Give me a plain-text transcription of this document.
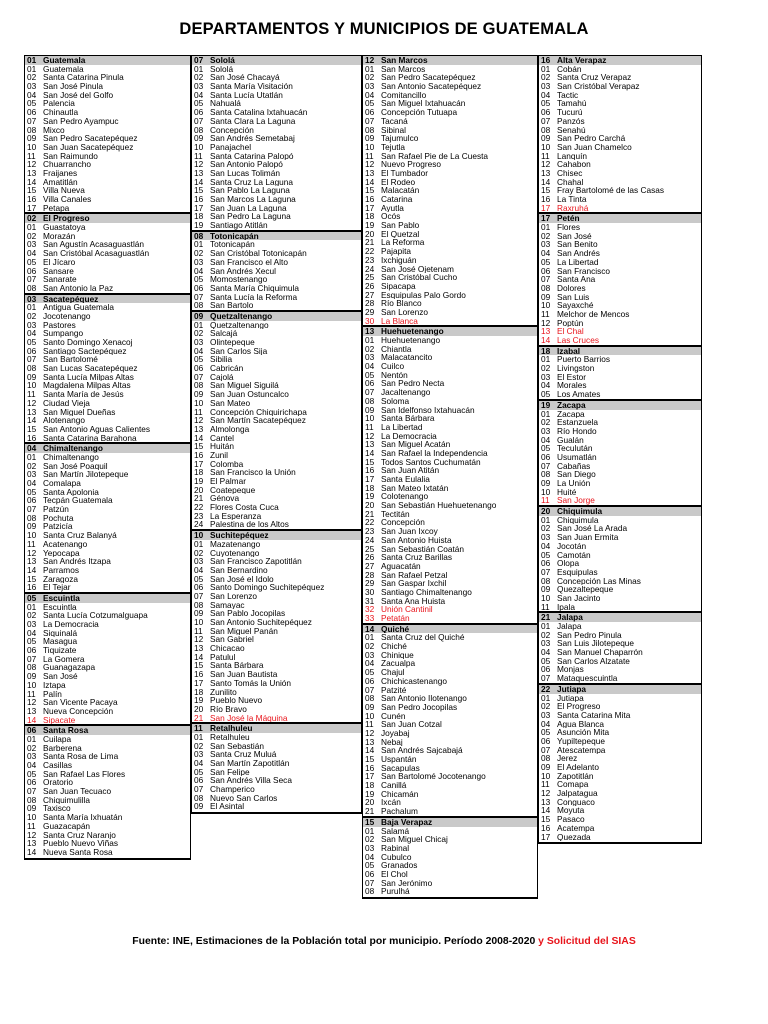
DEPARTAMENTOS Y MUNICIPIOS DE GUATEMALA
01 Guatemala
01 Guatemala
02 Santa Catarina Pinula
03 San José Pinula
04 San José del Golfo
05 Palencia
06 Chinautla
07 San Pedro Ayampuc
08 Mixco
09 San Pedro Sacatepéquez
10 San Juan Sacatepéquez
11 San Raimundo
12 Chuarrancho
13 Fraijanes
14 Amatitlán
15 Villa Nueva
16 Villa Canales
17 Petapa
02 El Progreso
01 Guastatoya
02 Morazán
03 San Agustín Acasaguastlán
04 San Cristóbal Acasaguastlán
05 El Jícaro
06 Sansare
07 Sanarate
08 San Antonio la Paz
03 Sacatepéquez
01 Antigua Guatemala
02 Jocotenango
03 Pastores
04 Sumpango
05 Santo Domingo Xenacoj
06 Santiago Sactepéquez
07 San Bartolomé
08 San Lucas Sacatepéquez
09 Santa Lucía Milpas Altas
10 Magdalena Milpas Altas
11 Santa María de Jesús
12 Ciudad Vieja
13 San Miguel Dueñas
14 Alotenango
15 San Antonio Aguas Calientes
16 Santa Catarina Barahona
04 Chimaltenango
01 Chimaltenango
02 San José Poaquil
03 San Martín Jilotepeque
04 Comalapa
05 Santa Apolonia
06 Tecpán Guatemala
07 Patzún
08 Pochuta
09 Patzicía
10 Santa Cruz Balanyá
11 Acatenango
12 Yepocapa
13 San Andrés Itzapa
14 Parramos
15 Zaragoza
16 El Tejar
05 Escuintla
01 Escuintla
02 Santa Lucía Cotzumalguapa
03 La Democracia
04 Siquinalá
05 Masagua
06 Tiquizate
07 La Gomera
08 Guanagazapa
09 San José
10 Iztapa
11 Palín
12 San Vicente Pacaya
13 Nueva Concepción
14 Sipacate
06 Santa Rosa
01 Cuilapa
02 Barberena
03 Santa Rosa de Lima
04 Casillas
05 San Rafael Las Flores
06 Oratorio
07 San Juan Tecuaco
08 Chiquimulilla
09 Taxisco
10 Santa María Ixhuatán
11 Guazacapán
12 Santa Cruz Naranjo
13 Pueblo Nuevo Viñas
14 Nueva Santa Rosa
07 Sololá
01 Sololá
02 San José Chacayá
03 Santa María Visitación
04 Santa Lucía Utatlán
05 Nahualá
06 Santa Catalina Ixtahuacán
07 Santa Clara La Laguna
08 Concepción
09 San Andrés Semetabaj
10 Panajachel
11 Santa Catarina Palopó
12 San Antonio Palopó
13 San Lucas Tolimán
14 Santa Cruz La Laguna
15 San Pablo La Laguna
16 San Marcos La Laguna
17 San Juan La Laguna
18 San Pedro La Laguna
19 Santiago Atitlán
08 Totonicapán
01 Totonicapán
02 San Cristóbal Totonicapán
03 San Francisco el Alto
04 San Andrés Xecul
05 Momostenango
06 Santa María Chiquimula
07 Santa Lucía la Reforma
08 San Bartolo
09 Quetzaltenango
01 Quetzaltenango
02 Salcajá
03 Olintepeque
04 San Carlos Sija
05 Sibilia
06 Cabricán
07 Cajolá
08 San Miguel Siguilá
09 San Juan Ostuncalco
10 San Mateo
11 Concepción Chiquirichapa
12 San Martín Sacatepéquez
13 Almolonga
14 Cantel
15 Huitán
16 Zunil
17 Colomba
18 San Francisco la Unión
19 El Palmar
20 Coatepeque
21 Génova
22 Flores Costa Cuca
23 La Esperanza
24 Palestina de los Altos
10 Suchitepéquez
01 Mazatenango
02 Cuyotenango
03 San Francisco Zapotitlán
04 San Bernardino
05 San José el Idolo
06 Santo Domingo Suchitepéquez
07 San Lorenzo
08 Samayac
09 San Pablo Jocopilas
10 San Antonio Suchitepéquez
11 San Miguel Panán
12 San Gabriel
13 Chicacao
14 Patulul
15 Santa Bárbara
16 San Juan Bautista
17 Santo Tomás la Unión
18 Zunilito
19 Pueblo Nuevo
20 Río Bravo
21 San José la Máquina
11 Retalhuleu
01 Retalhuleu
02 San Sebastián
03 Santa Cruz Muluá
04 San Martín Zapotitlán
05 San Felipe
06 San Andrés Villa Seca
07 Champerico
08 Nuevo San Carlos
09 El Asintal
12 San Marcos
01 San Marcos
02 San Pedro Sacatepéquez
03 San Antonio Sacatepéquez
04 Comitancillo
05 San Miguel Ixtahuacán
06 Concepción Tutuapa
07 Tacaná
08 Sibinal
09 Tajumulco
10 Tejutla
11 San Rafael Pie de La Cuesta
12 Nuevo Progreso
13 El Tumbador
14 El Rodeo
15 Malacatán
16 Catarina
17 Ayutla
18 Ocós
19 San Pablo
20 El Quetzal
21 La Reforma
22 Pajapita
23 Ixchiguán
24 San José Ojetenam
25 San Cristóbal Cucho
26 Sipacapa
27 Esquipulas Palo Gordo
28 Río Blanco
29 San Lorenzo
30 La Blanca
13 Huehuetenango
01 Huehuetenango
02 Chiantla
03 Malacatancito
04 Cuilco
05 Nentón
06 San Pedro Necta
07 Jacaltenango
08 Soloma
09 San Idelfonso Ixtahuacán
10 Santa Bárbara
11 La Libertad
12 La Democracia
13 San Miguel Acatán
14 San Rafael la Independencia
15 Todos Santos Cuchumatán
16 San Juan Atitán
17 Santa Eulalia
18 San Mateo Ixtatán
19 Colotenango
20 San Sebastián Huehuetenango
21 Tectitán
22 Concepción
23 San Juan Ixcoy
24 San Antonio Huista
25 San Sebastián Coatán
26 Santa Cruz Barillas
27 Aguacatán
28 San Rafael Petzal
29 San Gaspar Ixchil
30 Santiago Chimaltenango
31 Santa Ana Huista
32 Unión Cantinil
33 Petatán
14 Quiché
01 Santa Cruz del Quiché
02 Chiché
03 Chinique
04 Zacualpa
05 Chajul
06 Chichicastenango
07 Patzité
08 San Antonio Ilotenango
09 San Pedro Jocopilas
10 Cunén
11 San Juan Cotzal
12 Joyabaj
13 Nebaj
14 San Andrés Sajcabajá
15 Uspantán
16 Sacapulas
17 San Bartolomé Jocotenango
18 Canillá
19 Chicamán
20 Ixcán
21 Pachalum
15 Baja Verapaz
01 Salamá
02 San Miguel Chicaj
03 Rabinal
04 Cubulco
05 Granados
06 El Chol
07 San Jerónimo
08 Purulhá
16 Alta Verapaz
01 Cobán
02 Santa Cruz Verapaz
03 San Cristóbal Verapaz
04 Tactic
05 Tamahú
06 Tucurú
07 Panzós
08 Senahú
09 San Pedro Carchá
10 San Juan Chamelco
11 Lanquín
12 Cahabon
13 Chisec
14 Chahal
15 Fray Bartolomé de las Casas
16 La Tinta
17 Raxruhá
17 Petén
01 Flores
02 San José
03 San Benito
04 San Andrés
05 La Libertad
06 San Francisco
07 Santa Ana
08 Dolores
09 San Luis
10 Sayaxché
11 Melchor de Mencos
12 Poptún
13 El Chal
14 Las Cruces
18 Izabal
01 Puerto Barrios
02 Livingston
03 El Estor
04 Morales
05 Los Amates
19 Zacapa
01 Zacapa
02 Estanzuela
03 Río Hondo
04 Gualán
05 Teculután
06 Usumatlán
07 Cabañas
08 San Diego
09 La Unión
10 Huité
11 San Jorge
20 Chiquimula
01 Chiquimula
02 San José La Arada
03 San Juan Ermita
04 Jocotán
05 Camotán
06 Olopa
07 Esquipulas
08 Concepción Las Minas
09 Quezaltepeque
10 San Jacinto
11 Ipala
21 Jalapa
01 Jalapa
02 San Pedro Pinula
03 San Luis Jilotepeque
04 San Manuel Chaparrón
05 San Carlos Alzatate
06 Monjas
07 Mataquescuintla
22 Jutiapa
01 Jutiapa
02 El Progreso
03 Santa Catarina Mita
04 Agua Blanca
05 Asunción Mita
06 Yupiltepeque
07 Atescatempa
08 Jerez
09 El Adelanto
10 Zapotitlán
11 Comapa
12 Jalpatagua
13 Conguaco
14 Moyuta
15 Pasaco
16 Acatempa
17 Quezada
Fuente: INE, Estimaciones de la Población total por municipio. Período 2008-2020 y Solicitud del SIAS
